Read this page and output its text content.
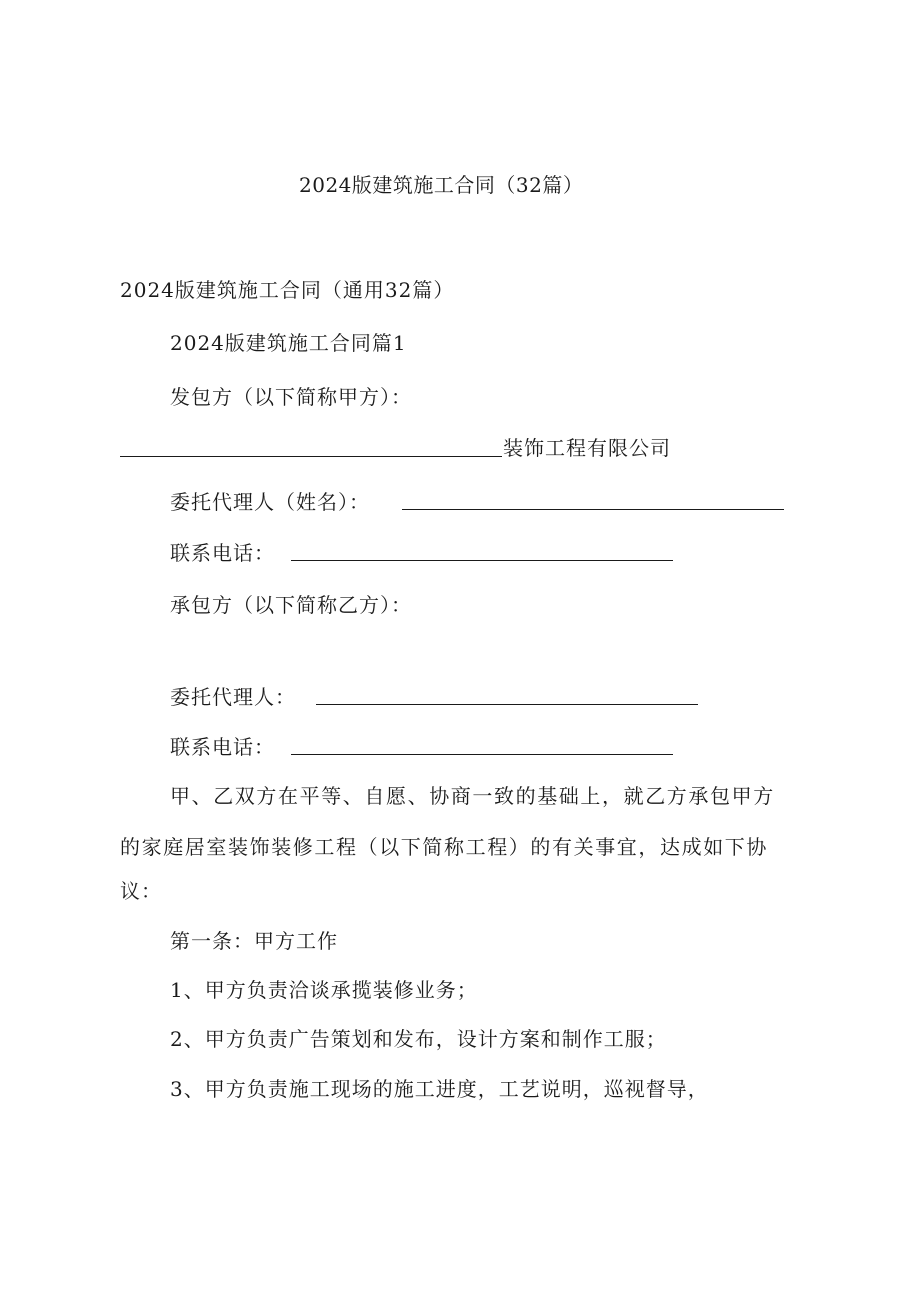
2024版建筑施工合同（32篇）
2024版建筑施工合同（通用32篇）
2024版建筑施工合同篇1
发包方（以下简称甲方）：
装饰工程有限公司
委托代理人（姓名）：
联系电话：
承包方（以下简称乙方）：
委托代理人：
联系电话：
甲、乙双方在平等、自愿、协商一致的基础上，就乙方承包甲方
的家庭居室装饰装修工程（以下简称工程）的有关事宜，达成如下协
议：
第一条：甲方工作
1、甲方负责洽谈承揽装修业务；
2、甲方负责广告策划和发布，设计方案和制作工服；
3、甲方负责施工现场的施工进度，工艺说明，巡视督导，
